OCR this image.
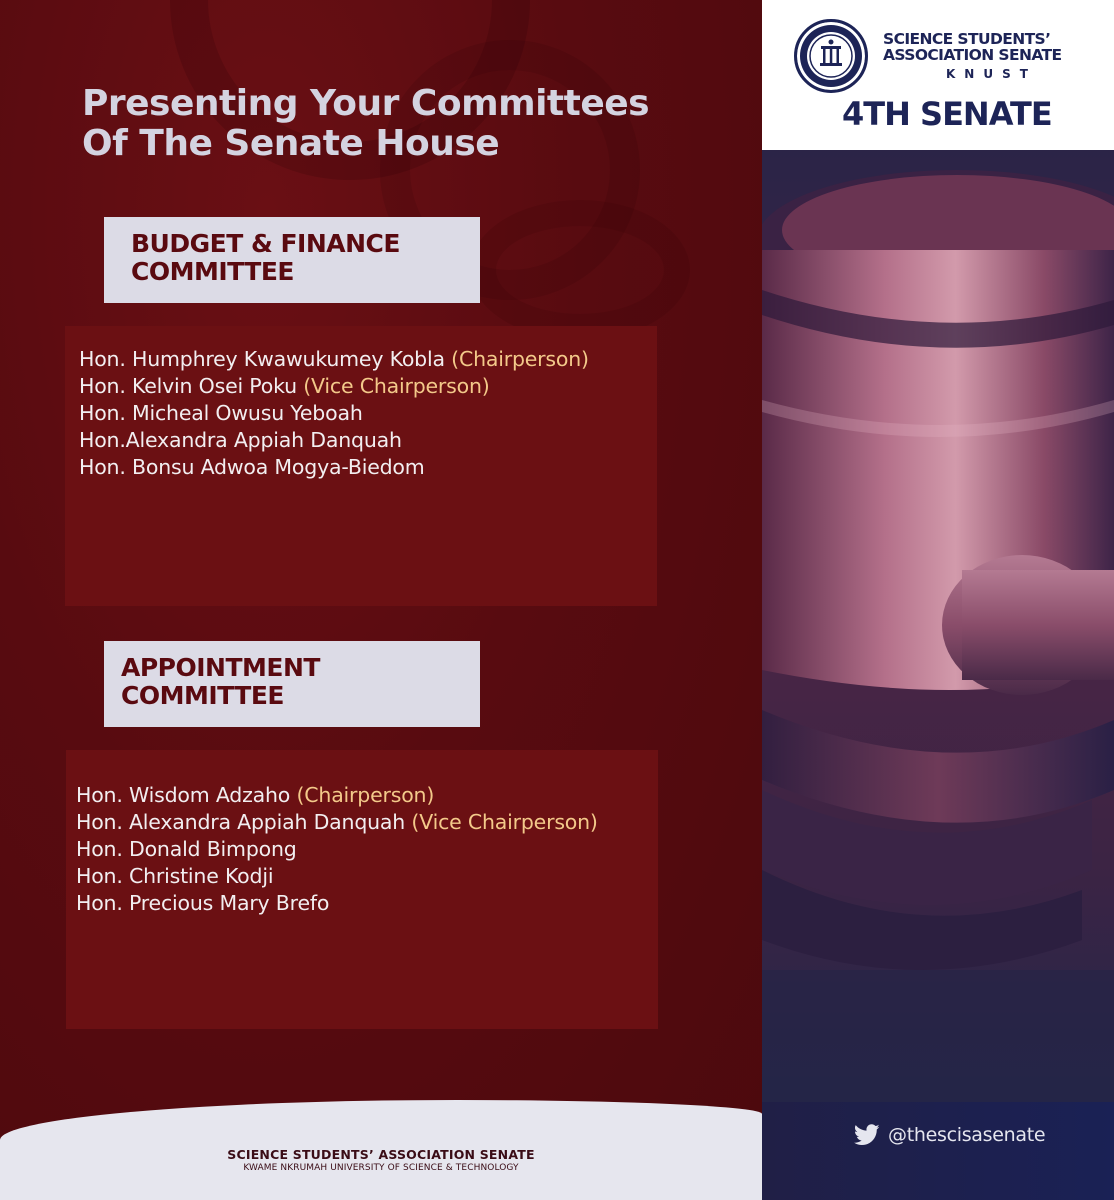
Presenting Your Committees
Of The Senate House
BUDGET & FINANCE
COMMITTEE
Hon. Humphrey Kwawukumey Kobla (Chairperson)
Hon. Kelvin Osei Poku (Vice Chairperson)
Hon. Micheal Owusu Yeboah
Hon.Alexandra Appiah Danquah
Hon. Bonsu Adwoa Mogya-Biedom
APPOINTMENT
COMMITTEE
Hon. Wisdom Adzaho (Chairperson)
Hon. Alexandra Appiah Danquah (Vice Chairperson)
Hon. Donald Bimpong
Hon. Christine Kodji
Hon. Precious Mary Brefo
SCIENCE STUDENTS’ ASSOCIATION SENATE
KWAME NKRUMAH UNIVERSITY OF SCIENCE & TECHNOLOGY
SCIENCE STUDENTS’
ASSOCIATION SENATE
KNUST
4TH SENATE
@thescisasenate
